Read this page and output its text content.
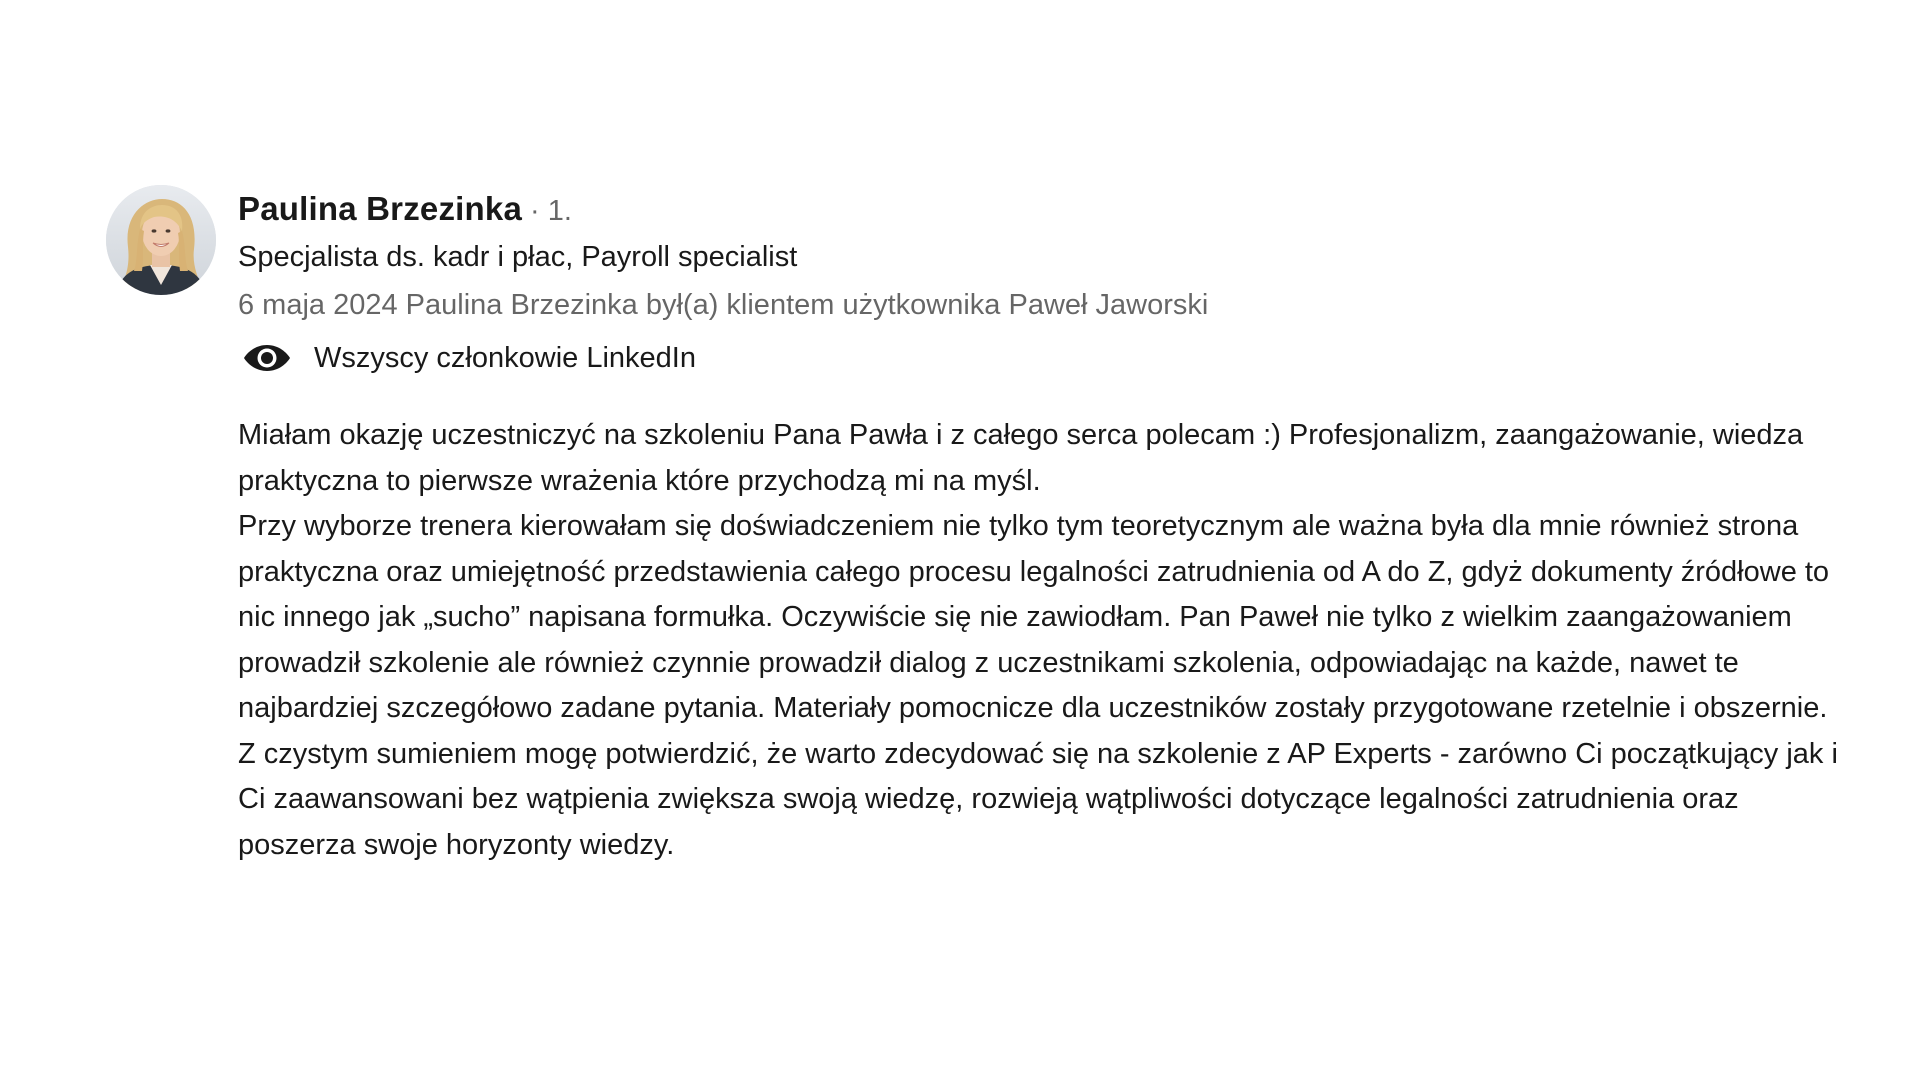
Paulina Brzezinka · 1.
Specjalista ds. kadr i płac, Payroll specialist
6 maja 2024 Paulina Brzezinka był(a) klientem użytkownika Paweł Jaworski
Wszyscy członkowie LinkedIn

Miałam okazję uczestniczyć na szkoleniu Pana Pawła i z całego serca polecam :) Profesjonalizm, zaangażowanie, wiedza praktyczna to pierwsze wrażenia które przychodzą mi na myśl.

Przy wyborze trenera kierowałam się doświadczeniem nie tylko tym teoretycznym ale ważna była dla mnie również strona praktyczna oraz umiejętność przedstawienia całego procesu legalności zatrudnienia od A do Z, gdyż dokumenty źródłowe to nic innego jak „sucho” napisana formułka. Oczywiście się nie zawiodłam. Pan Paweł nie tylko z wielkim zaangażowaniem prowadził szkolenie ale również czynnie prowadził dialog z uczestnikami szkolenia, odpowiadając na każde, nawet te najbardziej szczegółowo zadane pytania. Materiały pomocnicze dla uczestników zostały przygotowane rzetelnie i obszernie. Z czystym sumieniem mogę potwierdzić, że warto zdecydować się na szkolenie z AP Experts - zarówno Ci początkujący jak i Ci zaawansowani bez wątpienia zwiększa swoją wiedzę, rozwieją wątpliwości dotyczące legalności zatrudnienia oraz poszerza swoje horyzonty wiedzy.
